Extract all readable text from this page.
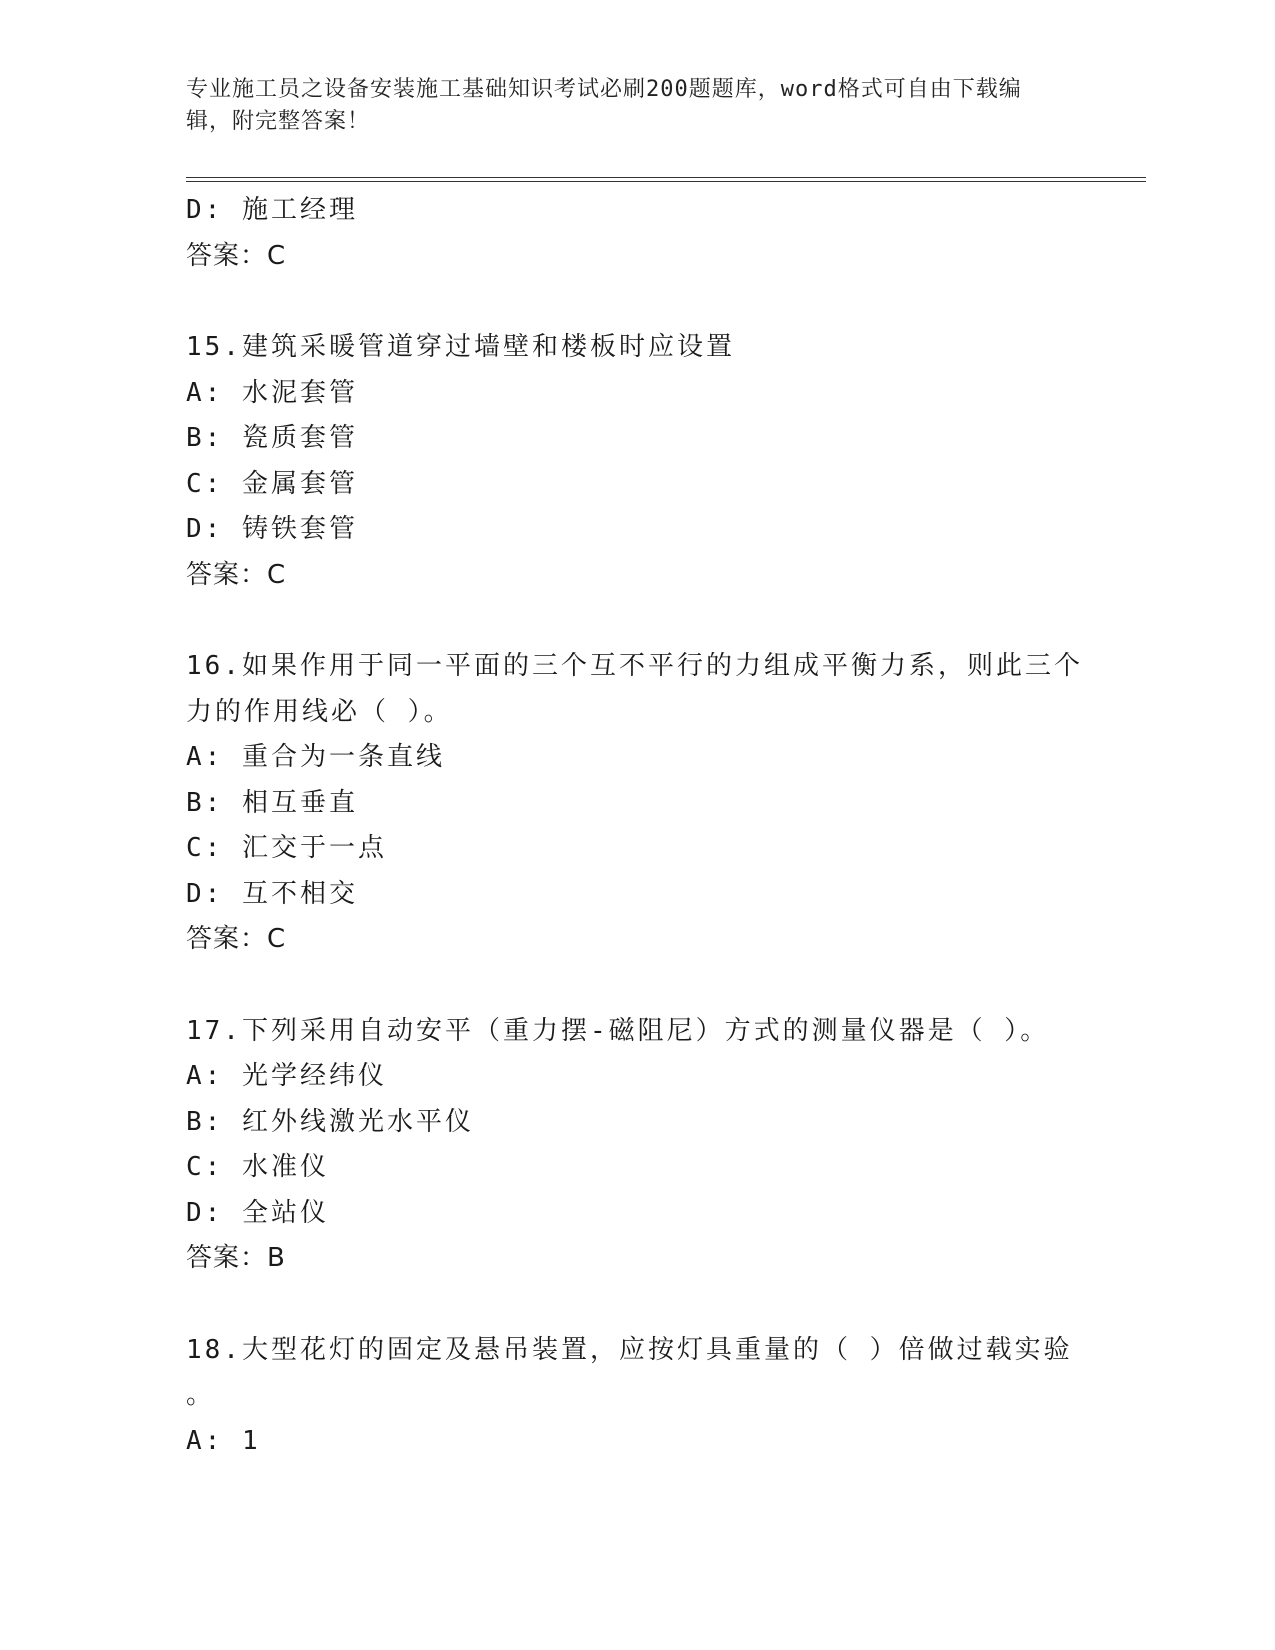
专业施工员之设备安装施工基础知识考试必刷200题题库，word格式可自由下载编辑，附完整答案！
D: 施工经理
答案：C
15.建筑采暖管道穿过墙壁和楼板时应设置
A: 水泥套管
B: 瓷质套管
C: 金属套管
D: 铸铁套管
答案：C
16.如果作用于同一平面的三个互不平行的力组成平衡力系，则此三个
力的作用线必（ ）。
A: 重合为一条直线
B: 相互垂直
C: 汇交于一点
D: 互不相交
答案：C
17.下列采用自动安平（重力摆-磁阻尼）方式的测量仪器是（ ）。
A: 光学经纬仪
B: 红外线激光水平仪
C: 水准仪
D: 全站仪
答案：B
18.大型花灯的固定及悬吊装置，应按灯具重量的（ ）倍做过载实验
。
A: 1
